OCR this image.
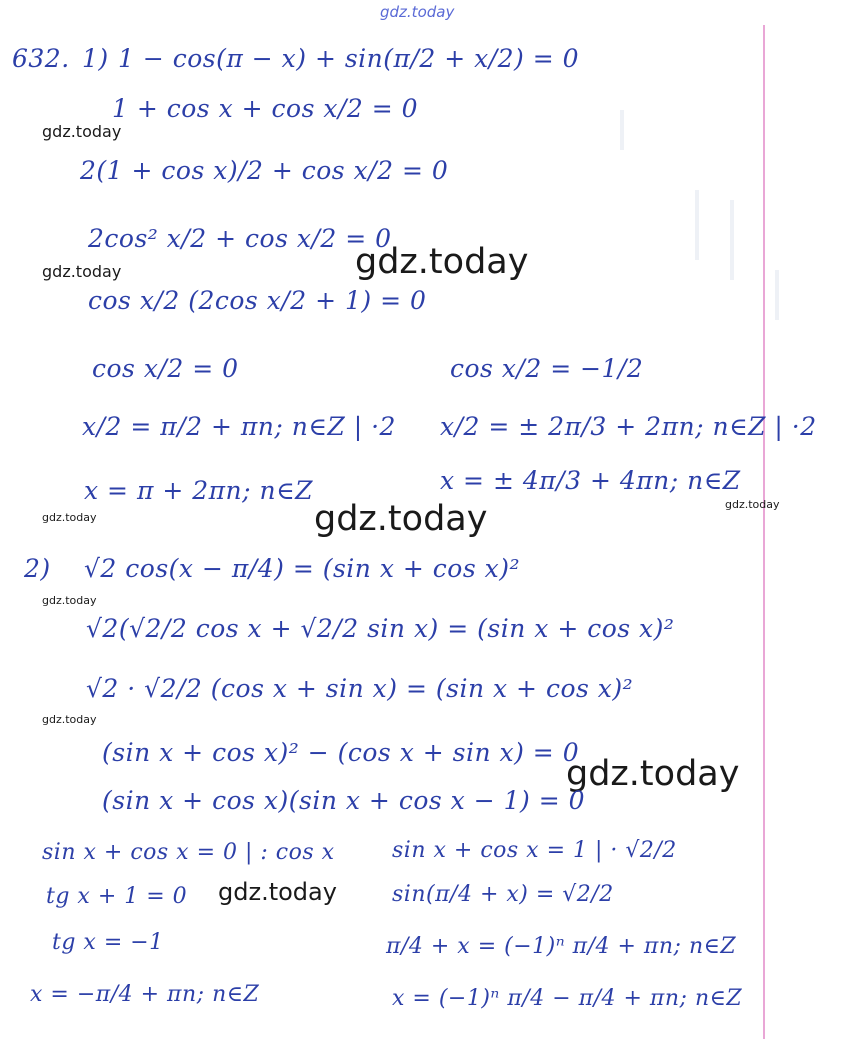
gdz.today
gdz.today
gdz.today	gdz.today
gdz.today
gdz.today
gdz.today
gdz.today
gdz.today
gdz.today
gdz.today
632. 1) 1 − cos(π − x) + sin(π/2 + x/2) = 0
1 + cos x + cos x/2 = 0
2(1 + cos x)/2 + cos x/2 = 0
2cos² x/2 + cos x/2 = 0
cos x/2 (2cos x/2 + 1) = 0
cos x/2 = 0
x/2 = π/2 + πn; n∈Z | ·2
x = π + 2πn; n∈Z
cos x/2 = −1/2
x/2 = ± 2π/3 + 2πn; n∈Z | ·2
x = ± 4π/3 + 4πn; n∈Z
2) √2 cos(x − π/4) = (sin x + cos x)²
√2(√2/2 cos x + √2/2 sin x) = (sin x + cos x)²
√2 · √2/2 (cos x + sin x) = (sin x + cos x)²
(sin x + cos x)² − (cos x + sin x) = 0
(sin x + cos x)(sin x + cos x − 1) = 0
sin x + cos x = 0 | : cos x
tg x + 1 = 0
tg x = −1
x = −π/4 + πn; n∈Z
sin x + cos x = 1 | · √2/2
sin(π/4 + x) = √2/2
π/4 + x = (−1)ⁿ π/4 + πn; n∈Z
x = (−1)ⁿ π/4 − π/4 + πn; n∈Z
